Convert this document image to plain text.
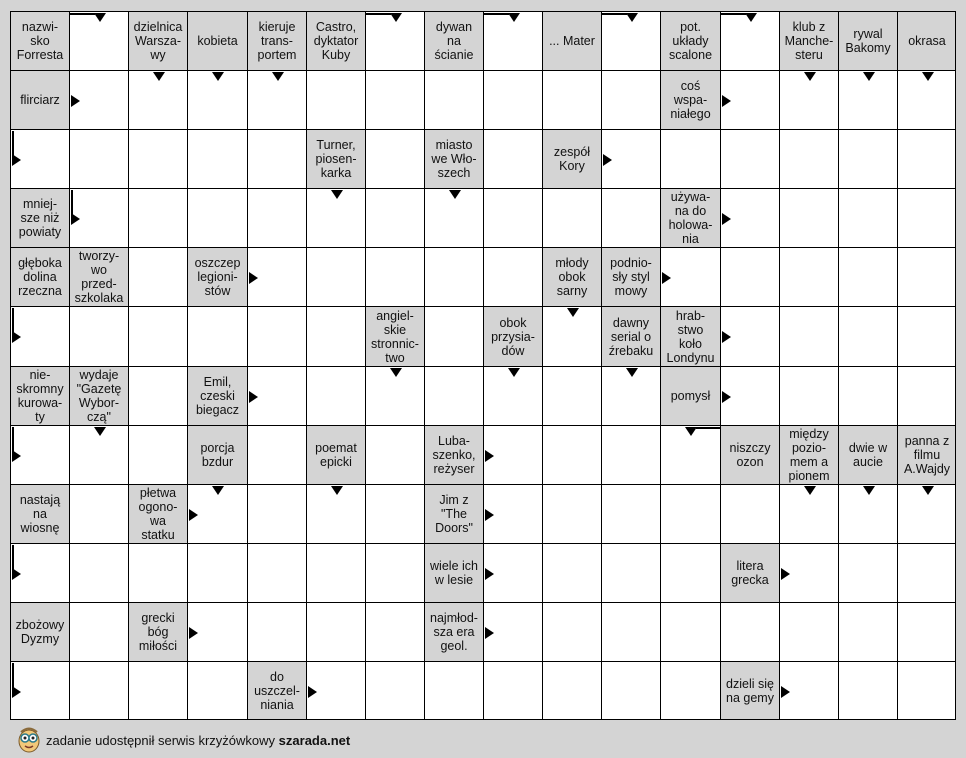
nazwi-
sko
Forresta
dzielnica
Warsza-
wy
kobieta
kieruje
trans-
portem
Castro,
dyktator
Kuby
dywan
na
ścianie
... Mater
pot.
układy
scalone
klub z
Manche-
steru
rywal
Bakomy	okrasa
flirciarz
coś
wspa-
niałego
Turner,
piosen-
karka
miasto
we Wło-
szech
zespół
Kory
mniej-
sze niż
powiaty
używa-
na do
holowa-
nia
głęboka
dolina
rzeczna
tworzy-
wo
przed-
szkolaka
oszczep
legioni-
stów
młody
obok
sarny
podnio-
sły styl
mowy
angiel-
skie
stronnic-
two
obok
przysia-
dów
dawny
serial o
źrebaku
hrab-
stwo
koło
Londynu
nie-
skromny
kurowa-
ty
wydaje
"Gazetę
Wybor-
czą"
Emil,
czeski
biegacz
pomysł
porcja
bzdur
poemat
epicki
Luba-
szenko,
reżyser
niszczy
ozon
między
pozio-
mem a
pionem
dwie w
aucie
panna z
filmu
A.Wajdy
nastają
na
wiosnę
płetwa
ogono-
wa
statku
Jim z
"The
Doors"
wiele ich
w lesie
litera
grecka
zbożowy
Dyzmy
grecki
bóg
miłości
najmłod-
sza era
geol.
do
uszczel-
niania
dzieli się
na gemy
zadanie udostępnił serwis krzyżówkowy szarada.net
